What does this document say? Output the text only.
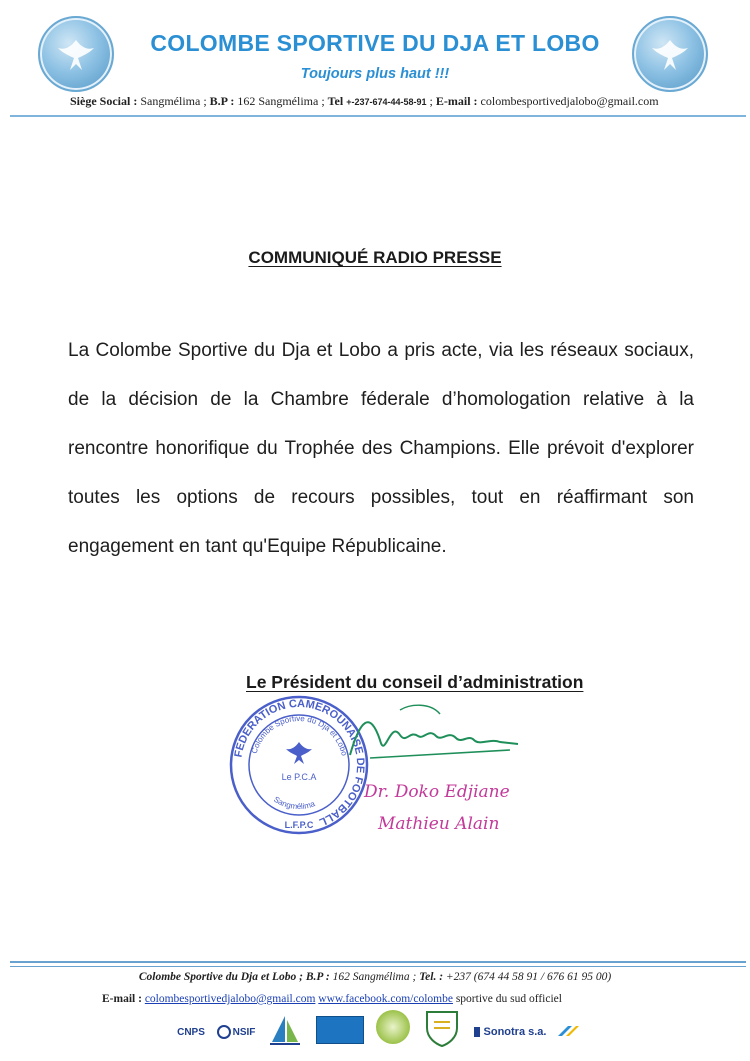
COLOMBE SPORTIVE DU DJA ET LOBO
Toujours plus haut !!!
Siège Social : Sangmélima ; B.P : 162 Sangmélima ; Tel +-237-674-44-58-91 ; E-mail : colombesportivedjalobo@gmail.com
COMMUNIQUÉ RADIO PRESSE
La Colombe Sportive du Dja et Lobo a pris acte, via les réseaux sociaux, de la décision de la Chambre féderale d’homologation relative à la rencontre honorifique du Trophée des Champions. Elle prévoit d'explorer toutes les options de recours possibles, tout en réaffirmant son engagement en tant qu'Equipe Républicaine.
Le Président du conseil d’administration
FEDERATION CAMEROUNAISE DE FOOTBALL
Colombe Sportive du Dja et Lobo
Sangmélima
Le P.C.A
L.F.P.C
Dr. Doko Edjiane
Mathieu Alain
Colombe Sportive du Dja et Lobo ; B.P : 162 Sangmélima ; Tel. : +237 (674 44 58 91 / 676 61 95 00)
E-mail : colombesportivedjalobo@gmail.com www.facebook.com/colombe sportive du sud officiel
CNPS	NSIF	Sonotra s.a.
